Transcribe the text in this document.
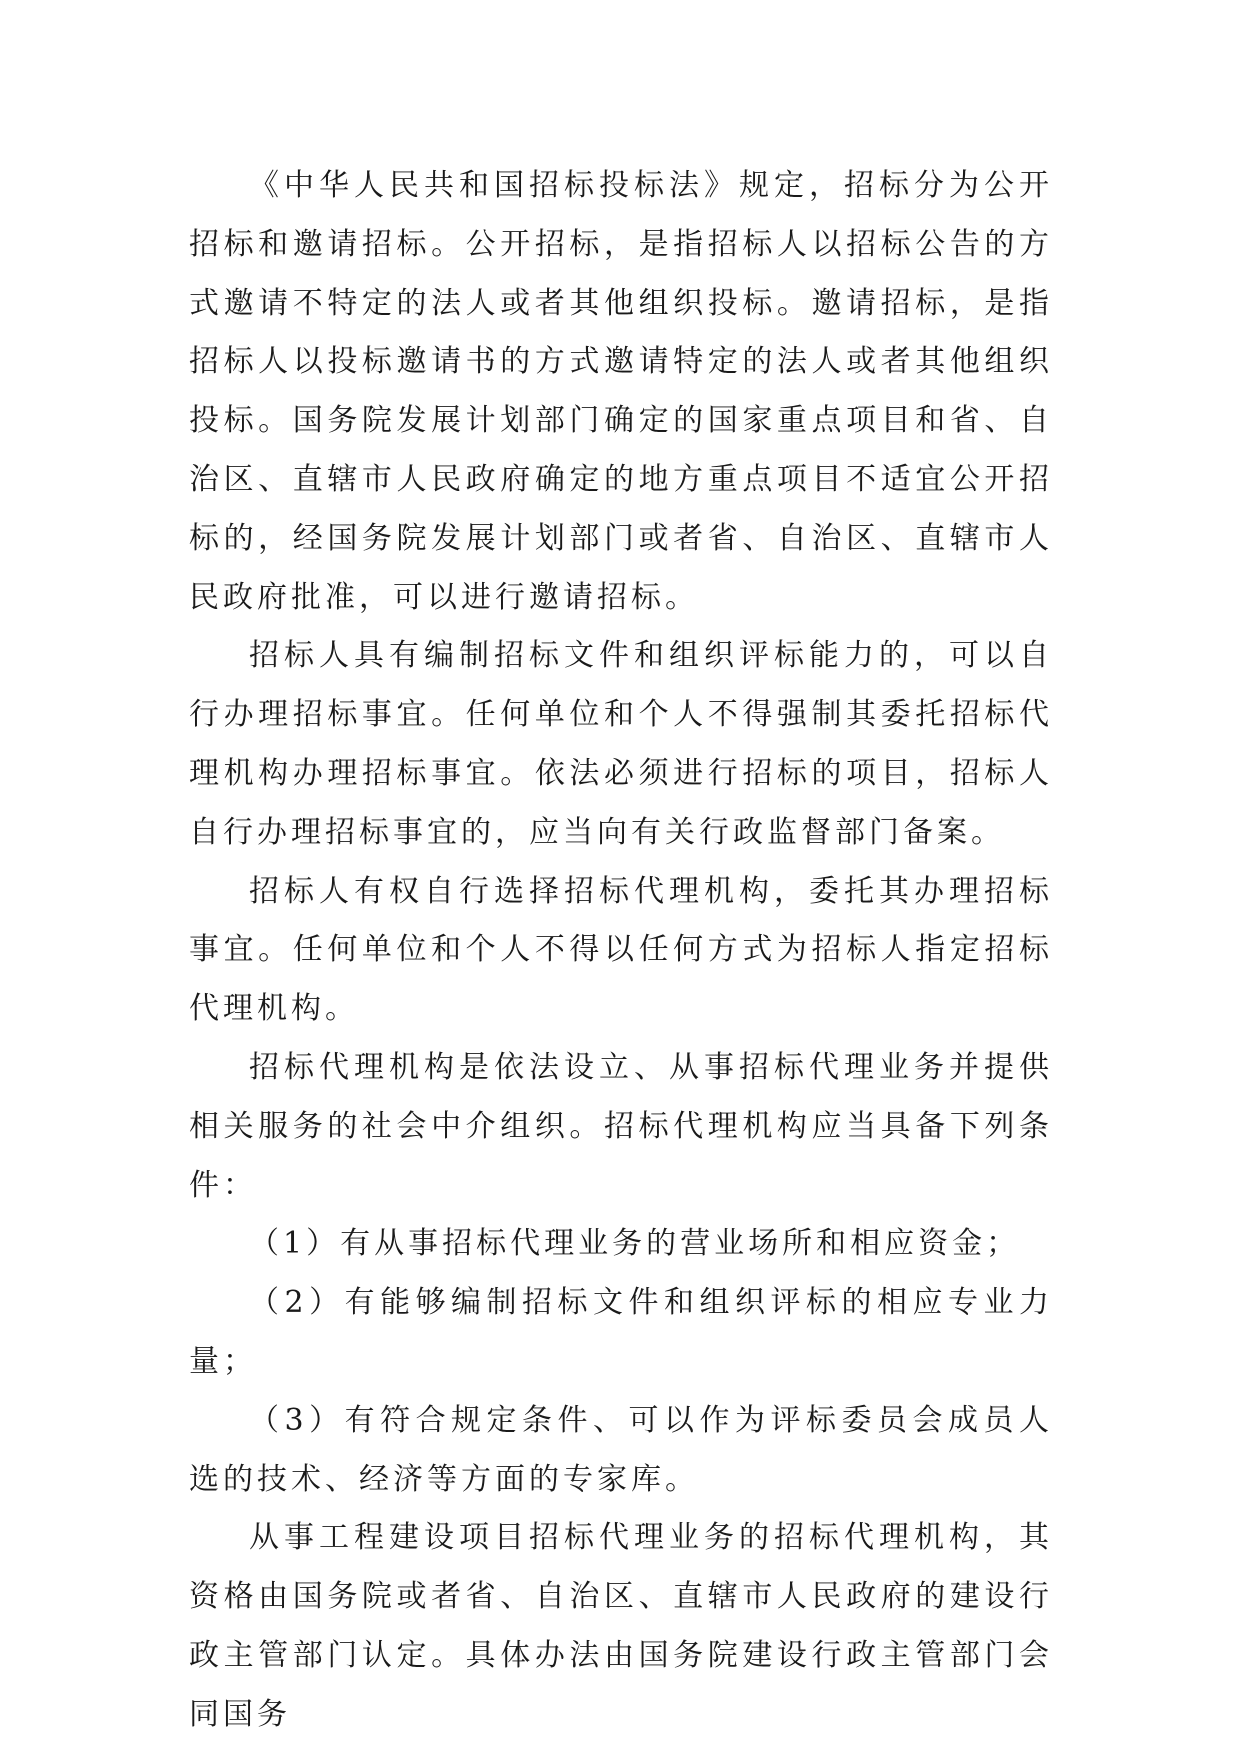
《中华人民共和国招标投标法》规定，招标分为公开招标和邀请招标。公开招标，是指招标人以招标公告的方式邀请不特定的法人或者其他组织投标。邀请招标，是指招标人以投标邀请书的方式邀请特定的法人或者其他组织投标。国务院发展计划部门确定的国家重点项目和省、自治区、直辖市人民政府确定的地方重点项目不适宜公开招标的，经国务院发展计划部门或者省、自治区、直辖市人民政府批准，可以进行邀请招标。

招标人具有编制招标文件和组织评标能力的，可以自行办理招标事宜。任何单位和个人不得强制其委托招标代理机构办理招标事宜。依法必须进行招标的项目，招标人自行办理招标事宜的，应当向有关行政监督部门备案。

招标人有权自行选择招标代理机构，委托其办理招标事宜。任何单位和个人不得以任何方式为招标人指定招标代理机构。

招标代理机构是依法设立、从事招标代理业务并提供相关服务的社会中介组织。招标代理机构应当具备下列条件：

（1）有从事招标代理业务的营业场所和相应资金；

（2）有能够编制招标文件和组织评标的相应专业力量；

（3）有符合规定条件、可以作为评标委员会成员人选的技术、经济等方面的专家库。

从事工程建设项目招标代理业务的招标代理机构，其资格由国务院或者省、自治区、直辖市人民政府的建设行政主管部门认定。具体办法由国务院建设行政主管部门会同国务
